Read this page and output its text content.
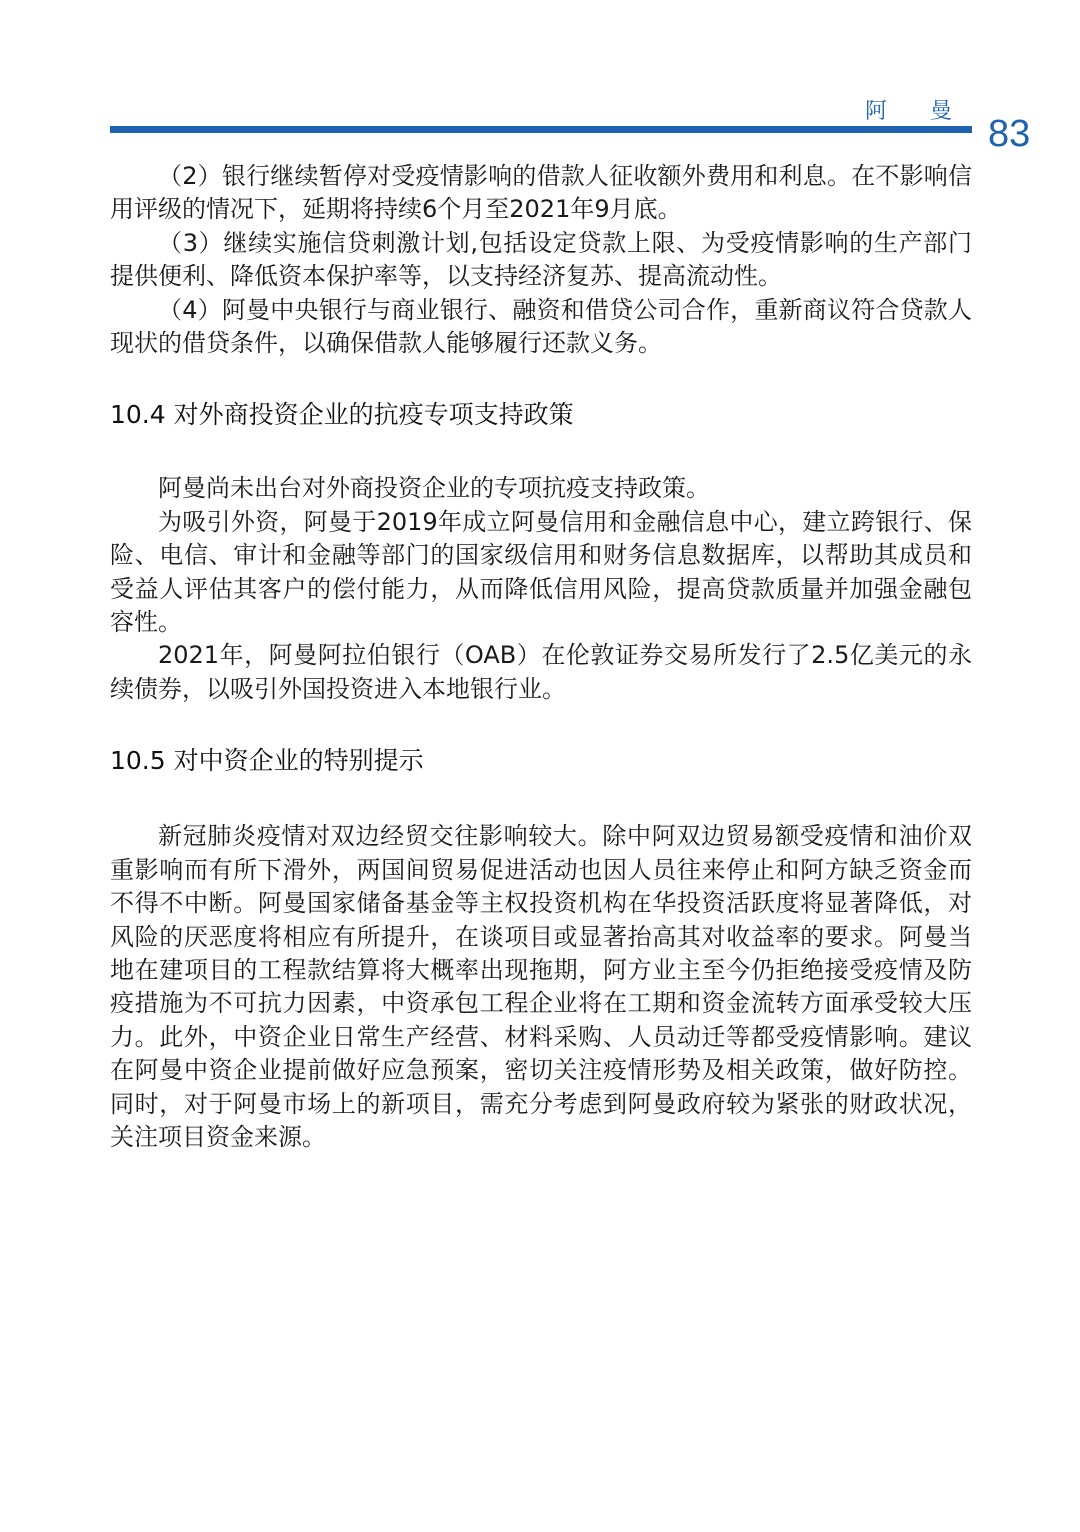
阿 曼
83

（2）银行继续暂停对受疫情影响的借款人征收额外费用和利息。在不影响信用评级的情况下，延期将持续6个月至2021年9月底。

（3）继续实施信贷刺激计划,包括设定贷款上限、为受疫情影响的生产部门提供便利、降低资本保护率等，以支持经济复苏、提高流动性。

（4）阿曼中央银行与商业银行、融资和借贷公司合作，重新商议符合贷款人现状的借贷条件，以确保借款人能够履行还款义务。

10.4 对外商投资企业的抗疫专项支持政策

阿曼尚未出台对外商投资企业的专项抗疫支持政策。

为吸引外资，阿曼于2019年成立阿曼信用和金融信息中心，建立跨银行、保险、电信、审计和金融等部门的国家级信用和财务信息数据库，以帮助其成员和受益人评估其客户的偿付能力，从而降低信用风险，提高贷款质量并加强金融包容性。

2021年，阿曼阿拉伯银行（OAB）在伦敦证券交易所发行了2.5亿美元的永续债券，以吸引外国投资进入本地银行业。

10.5 对中资企业的特别提示

新冠肺炎疫情对双边经贸交往影响较大。除中阿双边贸易额受疫情和油价双重影响而有所下滑外，两国间贸易促进活动也因人员往来停止和阿方缺乏资金而不得不中断。阿曼国家储备基金等主权投资机构在华投资活跃度将显著降低，对风险的厌恶度将相应有所提升，在谈项目或显著抬高其对收益率的要求。阿曼当地在建项目的工程款结算将大概率出现拖期，阿方业主至今仍拒绝接受疫情及防疫措施为不可抗力因素，中资承包工程企业将在工期和资金流转方面承受较大压力。此外，中资企业日常生产经营、材料采购、人员动迁等都受疫情影响。建议在阿曼中资企业提前做好应急预案，密切关注疫情形势及相关政策，做好防控。同时，对于阿曼市场上的新项目，需充分考虑到阿曼政府较为紧张的财政状况，关注项目资金来源。
